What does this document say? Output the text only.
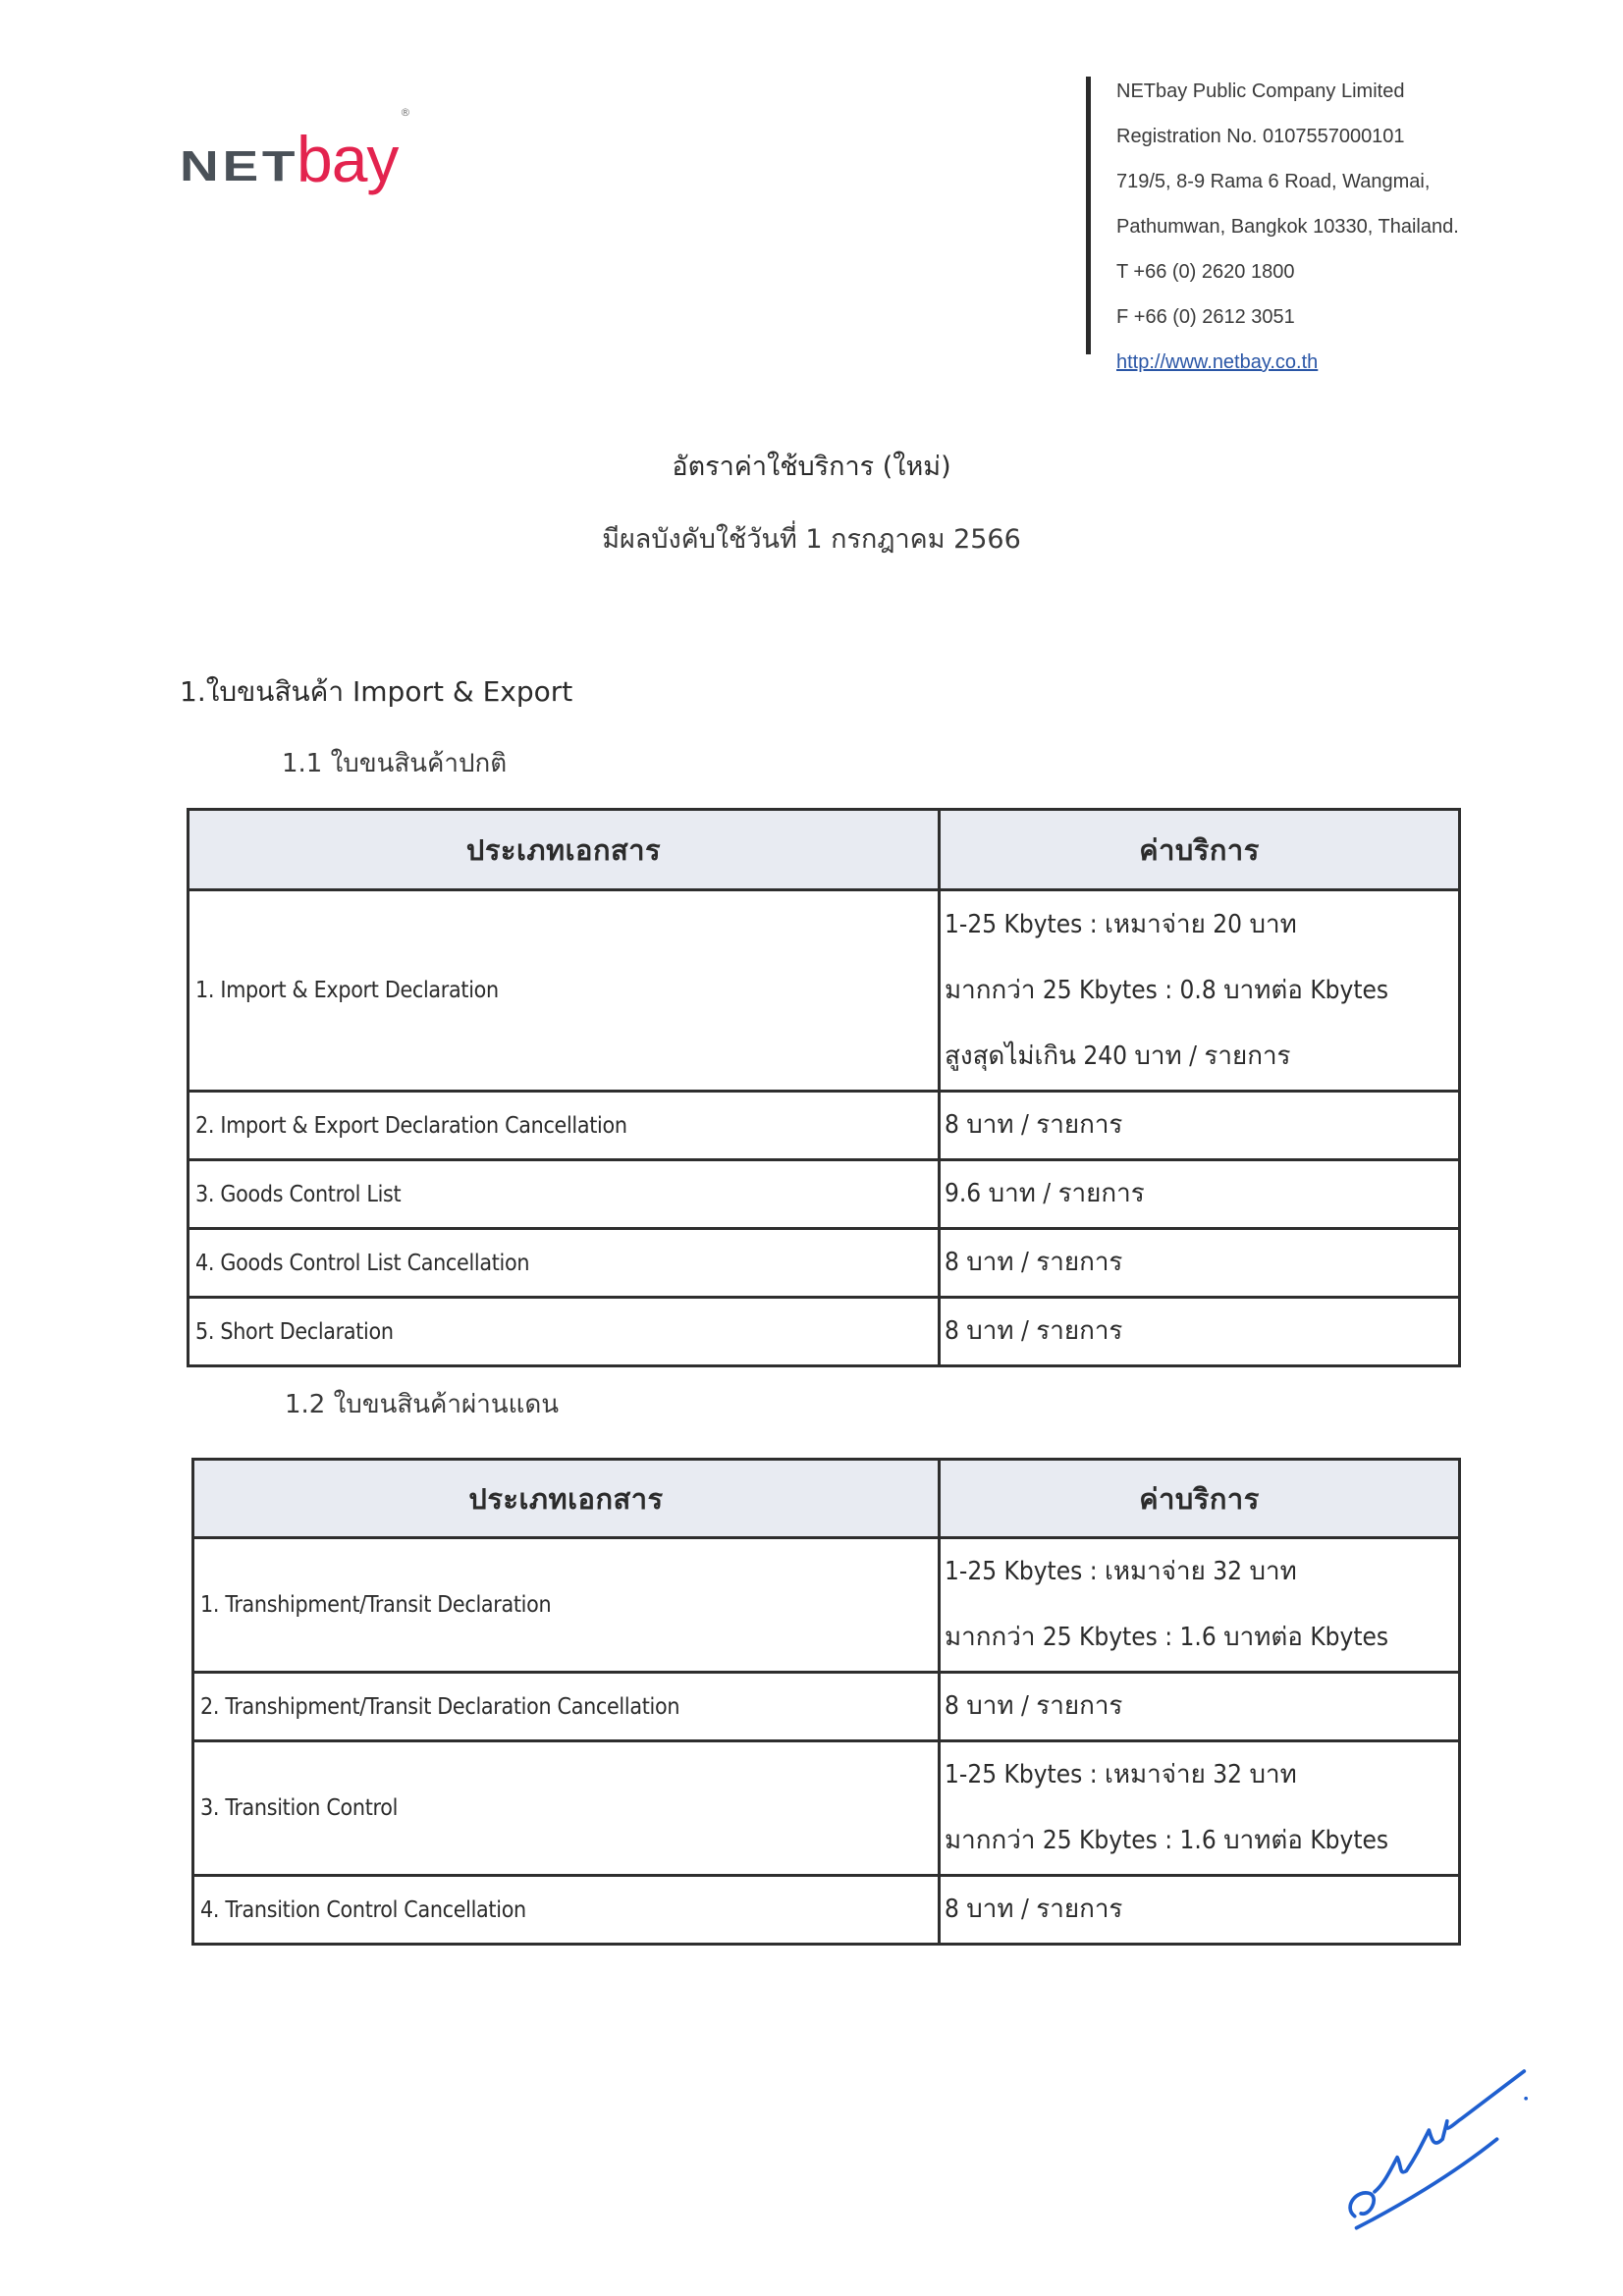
NET
bay
®
NETbay Public Company Limited
Registration No. 0107557000101
719/5, 8-9 Rama 6 Road, Wangmai,
Pathumwan, Bangkok 10330, Thailand.
T +66 (0) 2620 1800
F +66 (0) 2612 3051
http://www.netbay.co.th
อัตราค่าใช้บริการ (ใหม่)
มีผลบังคับใช้วันที่ 1 กรกฎาคม 2566
1.ใบขนสินค้า Import & Export
1.1 ใบขนสินค้าปกติ
ประเภทเอกสาร	ค่าบริการ
1. Import & Export Declaration	1-25 Kbytes : เหมาจ่าย 20 บาท
มากกว่า 25 Kbytes : 0.8 บาทต่อ Kbytes
สูงสุดไม่เกิน 240 บาท / รายการ

2. Import & Export Declaration Cancellation	8 บาท / รายการ
3. Goods Control List	9.6 บาท / รายการ
4. Goods Control List Cancellation	8 บาท / รายการ
5. Short Declaration	8 บาท / รายการ
1.2 ใบขนสินค้าผ่านแดน
ประเภทเอกสาร	ค่าบริการ
1. Transhipment/Transit Declaration	1-25 Kbytes : เหมาจ่าย 32 บาท
มากกว่า 25 Kbytes : 1.6 บาทต่อ Kbytes

2. Transhipment/Transit Declaration Cancellation	8 บาท / รายการ
3. Transition Control	1-25 Kbytes : เหมาจ่าย 32 บาท
มากกว่า 25 Kbytes : 1.6 บาทต่อ Kbytes

4. Transition Control Cancellation	8 บาท / รายการ
